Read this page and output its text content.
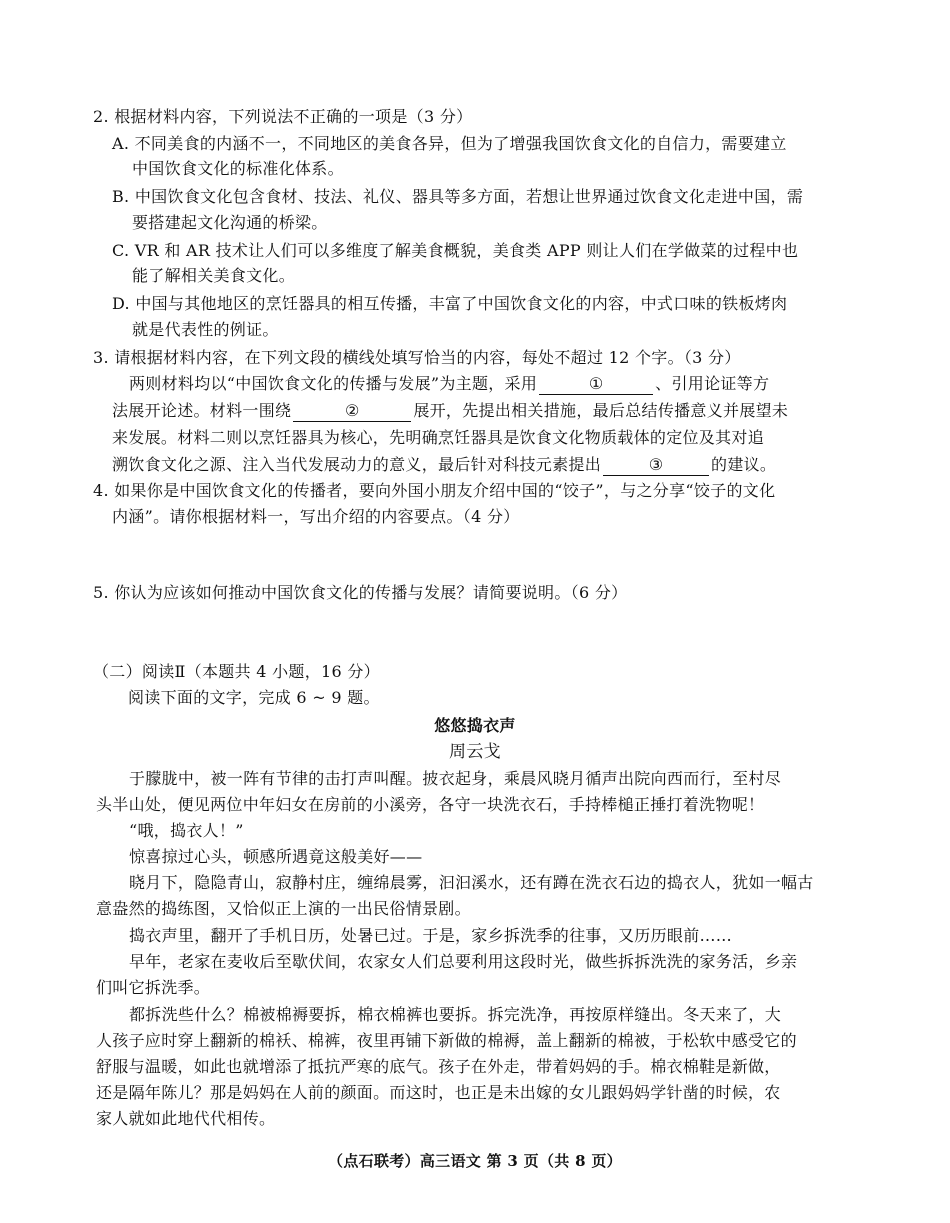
2. 根据材料内容，下列说法不正确的一项是（3 分）
A. 不同美食的内涵不一，不同地区的美食各异，但为了增强我国饮食文化的自信力，需要建立
中国饮食文化的标准化体系。
B. 中国饮食文化包含食材、技法、礼仪、器具等多方面，若想让世界通过饮食文化走进中国，需
要搭建起文化沟通的桥梁。
C. VR 和 AR 技术让人们可以多维度了解美食概貌，美食类 APP 则让人们在学做菜的过程中也
能了解相关美食文化。
D. 中国与其他地区的烹饪器具的相互传播，丰富了中国饮食文化的内容，中式口味的铁板烤肉
就是代表性的例证。
3. 请根据材料内容，在下列文段的横线处填写恰当的内容，每处不超过 12 个字。（3 分）
两则材料均以“中国饮食文化的传播与发展”为主题，采用	①	、引用论证等方
法展开论述。材料一围绕	②	展开，先提出相关措施，最后总结传播意义并展望未
来发展。材料二则以烹饪器具为核心，先明确烹饪器具是饮食文化物质载体的定位及其对追
溯饮食文化之源、注入当代发展动力的意义，最后针对科技元素提出	③	的建议。
4. 如果你是中国饮食文化的传播者，要向外国小朋友介绍中国的“饺子”，与之分享“饺子的文化
内涵”。请你根据材料一，写出介绍的内容要点。（4 分）
5. 你认为应该如何推动中国饮食文化的传播与发展？请简要说明。（6 分）
（二）阅读Ⅱ（本题共 4 小题，16 分）
阅读下面的文字，完成 6 ~ 9 题。
悠悠捣衣声
周云戈
于朦胧中，被一阵有节律的击打声叫醒。披衣起身，乘晨风晓月循声出院向西而行，至村尽
头半山处，便见两位中年妇女在房前的小溪旁，各守一块洗衣石，手持棒槌正捶打着洗物呢！
“哦，捣衣人！”
惊喜掠过心头，顿感所遇竟这般美好——
晓月下，隐隐青山，寂静村庄，缠绵晨雾，汩汩溪水，还有蹲在洗衣石边的捣衣人，犹如一幅古
意盎然的捣练图，又恰似正上演的一出民俗情景剧。
捣衣声里，翻开了手机日历，处暑已过。于是，家乡拆洗季的往事，又历历眼前……
早年，老家在麦收后至歇伏间，农家女人们总要利用这段时光，做些拆拆洗洗的家务活，乡亲
们叫它拆洗季。
都拆洗些什么？棉被棉褥要拆，棉衣棉裤也要拆。拆完洗净，再按原样缝出。冬天来了，大
人孩子应时穿上翻新的棉袄、棉裤，夜里再铺下新做的棉褥，盖上翻新的棉被，于松软中感受它的
舒服与温暖，如此也就增添了抵抗严寒的底气。孩子在外走，带着妈妈的手。棉衣棉鞋是新做，
还是隔年陈儿？那是妈妈在人前的颜面。而这时，也正是未出嫁的女儿跟妈妈学针凿的时候，农
家人就如此地代代相传。
（点石联考）高三语文 第 3 页（共 8 页）
